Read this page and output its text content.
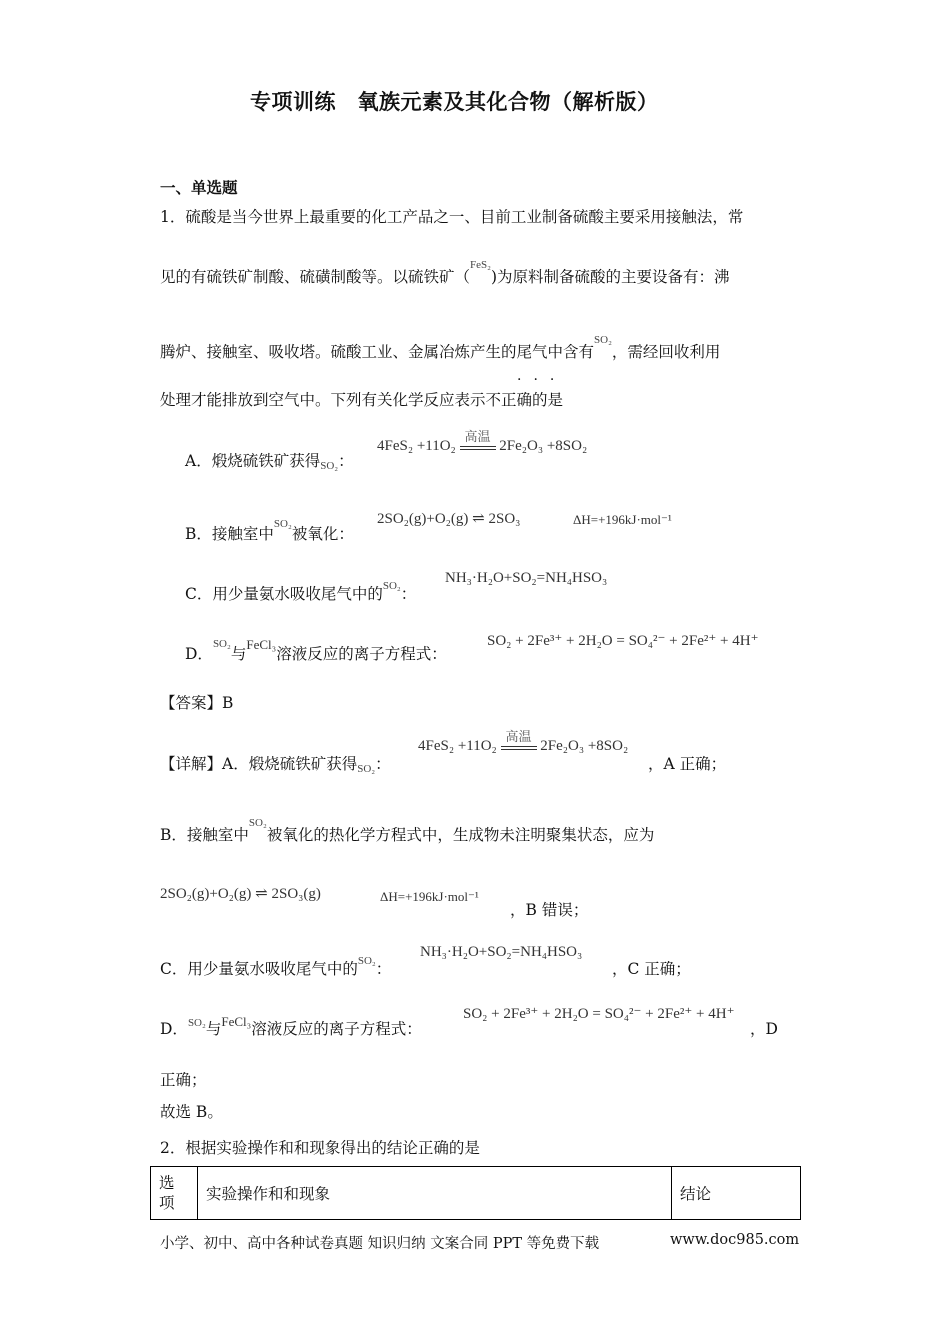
专项训练　氧族元素及其化合物（解析版）
一、单选题
1．硫酸是当今世界上最重要的化工产品之一、目前工业制备硫酸主要采用接触法，常
见的有硫铁矿制酸、硫磺制酸等。以硫铁矿（$^{FeS_2}$)为原料制备硫酸的主要设备有：沸
腾炉、接触室、吸收塔。硫酸工业、金属冶炼产生的尾气中含有$^{SO_2}$，需经回收利用
处理才能排放到空气中。下列有关化学反应表示不正确的是
···
A．煅烧硫铁矿获得SO₂：
4FeS₂ +11O₂
高温
2Fe₂O₃ +8SO₂
B．接触室中$^{SO_2}$被氧化：
2SO₂(g)+O₂(g) ⇌ 2SO₃	ΔH=+196kJ·mol⁻¹
C．用少量氨水吸收尾气中的$^{SO_2}$：
NH₃·H₂O+SO₂=NH₄HSO₃
D．$^{SO_2}$与$^{FeCl_3}$溶液反应的离子方程式：
SO₂ + 2Fe³⁺ + 2H₂O = SO₄²⁻ + 2Fe²⁺ + 4H⁺
【答案】B
【详解】A．煅烧硫铁矿获得SO₂：
4FeS₂ +11O₂
高温
2Fe₂O₃ +8SO₂
，A 正确；
B．接触室中$^{SO_2}$被氧化的热化学方程式中，生成物未注明聚集状态，应为
2SO₂(g)+O₂(g) ⇌ 2SO₃(g)	ΔH=+196kJ·mol⁻¹
，B 错误；
C．用少量氨水吸收尾气中的$^{SO_2}$：
NH₃·H₂O+SO₂=NH₄HSO₃
，C 正确；
D．$^{SO_2}$与$^{FeCl_3}$溶液反应的离子方程式：
SO₂ + 2Fe³⁺ + 2H₂O = SO₄²⁻ + 2Fe²⁺ + 4H⁺
，D
正确；
故选 B。
2．根据实验操作和和现象得出的结论正确的是
选
项	实验操作和和现象	结论
小学、初中、高中各种试卷真题 知识归纳 文案合同 PPT 等免费下载	www.doc985.com
